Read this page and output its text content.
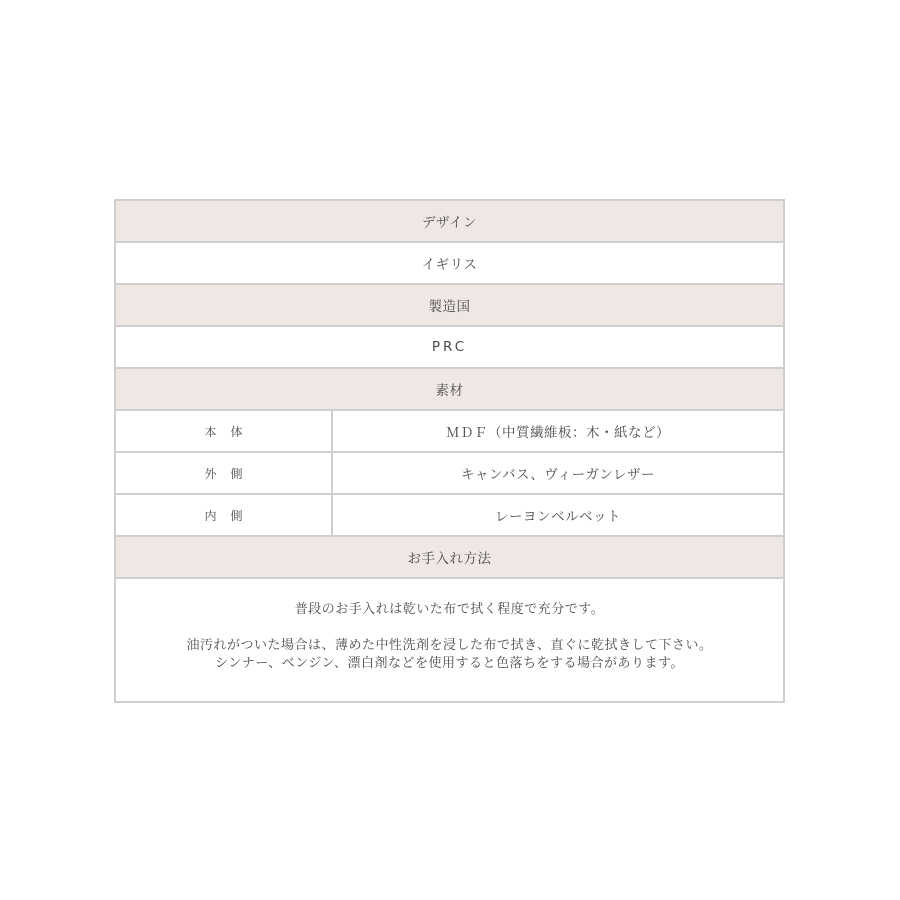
デザイン
イギリス
製造国
PRC
素材
本体	ＭＤＦ（中質繊維板：木・紙など）
外側	キャンバス、ヴィーガンレザー
内側	レーヨンベルベット
お手入れ方法

普段のお手入れは乾いた布で拭く程度で充分です。

油汚れがついた場合は、薄めた中性洗剤を浸した布で拭き、直ぐに乾拭きして下さい。
シンナー、ベンジン、漂白剤などを使用すると色落ちをする場合があります。
